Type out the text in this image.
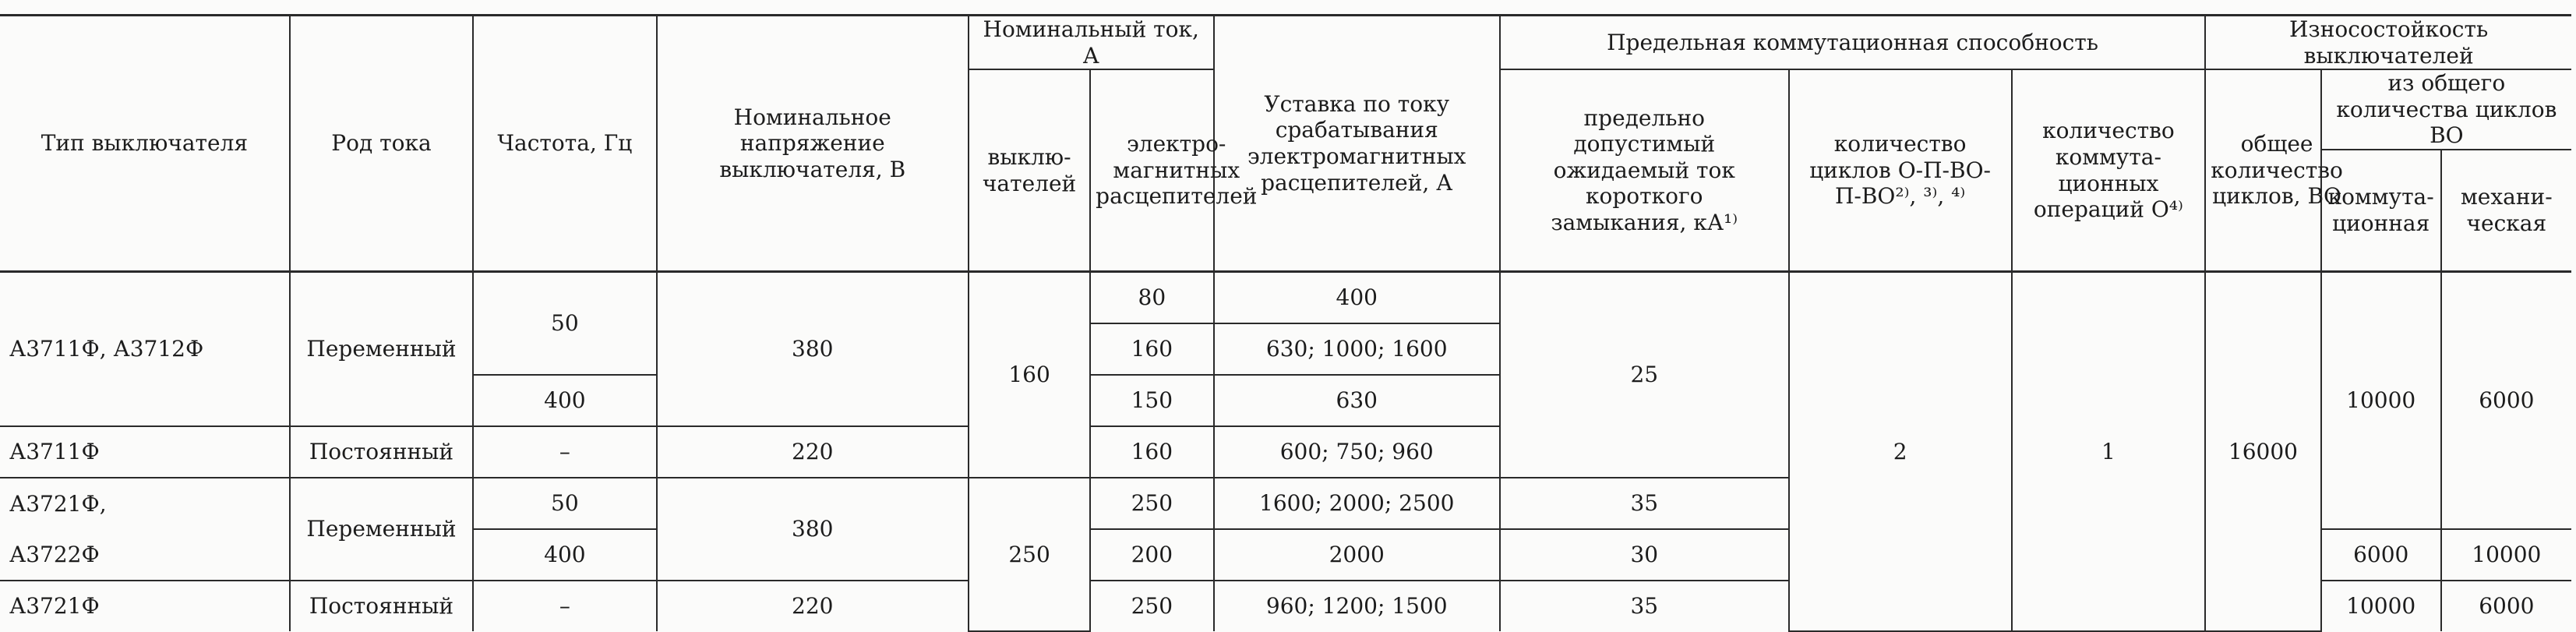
Тип выключателя	Род тока	Частота, Гц	Номинальное напряжение выключателя, В	Номинальный ток, А		Уставка по току срабатывания электромагнитных расцепителей, А	Предельная коммутационная способность			Износостойкость выключателей		
				выклю- чателей	электро- магнитных расцепителей		предельно допустимый ожидаемый ток короткого замыкания, кА¹⁾	количество циклов О-П-ВО-П-ВО²⁾, ³⁾, ⁴⁾	количество коммута- ционных операций О⁴⁾	общее количество циклов, ВО	из общего количества циклов ВО	
											коммута- ционная	механи- ческая
А3711Ф, А3712Ф	Переменный	50	380	160	80	400	25	2	1	16000	10000	6000
					160	630; 1000; 1600						
		400			150	630						
А3711Ф	Постоянный	–	220		160	600; 750; 960						
А3721Ф,	Переменный	50	380	250	250	1600; 2000; 2500	35					
А3722Ф		400			200	2000	30				6000	10000
А3721Ф	Постоянный	–	220		250	960; 1200; 1500	35				10000	6000
